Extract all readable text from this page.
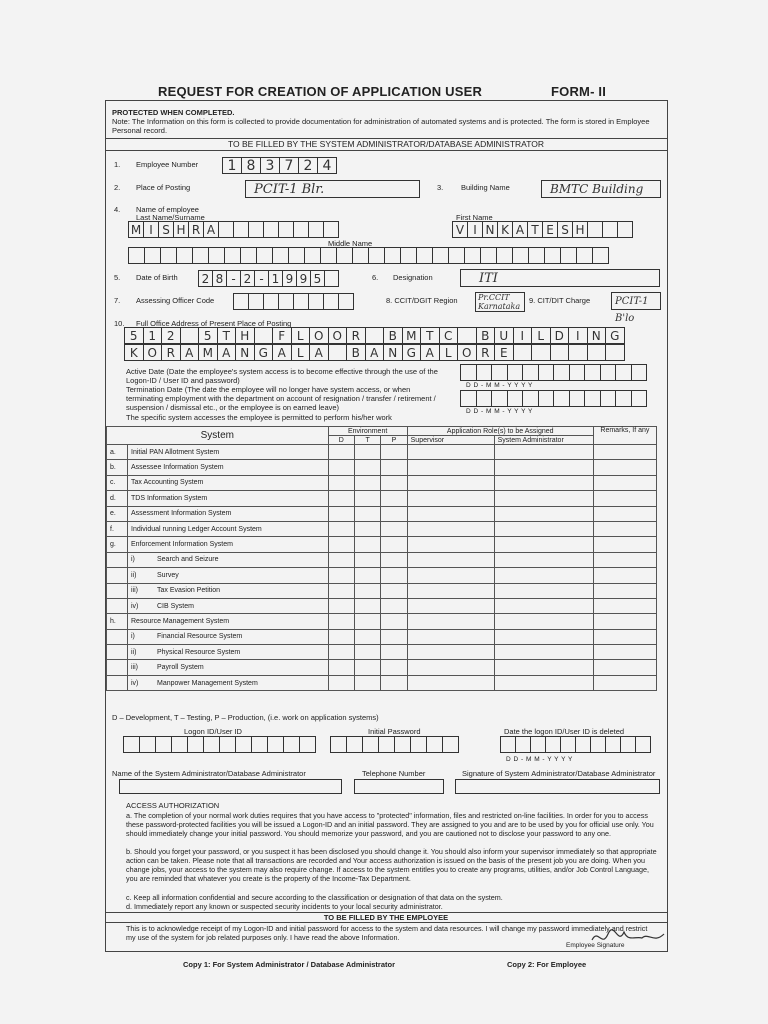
REQUEST FOR CREATION OF APPLICATION USER	FORM- II
PROTECTED WHEN COMPLETED.
Note: The Information on this form is collected to provide documentation for administration of automated systems and is protected. The form is stored in Employee Personal record.
TO BE FILLED BY THE SYSTEM ADMINISTRATOR/DATABASE ADMINISTRATOR
1. Employee Number	1 8 3 7 2 4
2. Place of Posting	PCIT-1 Blr.	3. Building Name	BMTC Building
4. Name of employee
Last Name/Surname	First Name
M I S H R A	V I N K A T E S H
Middle Name
5. Date of Birth	2 8 - 2 - 1 9 9 5	6. Designation	ITI
7. Assessing Officer Code	8. CCIT/DGIT Region	Pr.CCIT Karnataka
9. CIT/DIT Charge	PCIT-1 B'lo
10. Full Office Address of Present Place of Posting
5 1 2	5 T H	F L O O R	B M T C	B U	I	L D	I	N G
K O R A M A N G A L A	B A N G A L O R E
Active Date (Date the employee's system access is to become effective through the use of the Logon-ID / User ID and password)
Termination Date (The date the employee will no longer have system access, or when terminating employment with the department on account of resignation / transfer / retirement / suspension / dismissal etc., or the employee is on earned leave)
The specific system accesses the employee is permitted to perform his/her work
D D - M M - Y Y Y Y
D D - M M - Y Y Y Y
System		Environment			Application Role(s) to be Assigned		Remarks, If any
		D	T	P	Supervisor	System Administrator	
a.	Initial PAN Allotment System						
b.	Assessee Information System						
c.	Tax Accounting System						
d.	TDS Information System						
e.	Assessment Information System						
f.	Individual running Ledger Account System						
g.	Enforcement Information System						
	i) Search and Seizure						
	ii) Survey						
	iii) Tax Evasion Petition						
	iv) CIB System						
h.	Resource Management System						
	i) Financial Resource System						
	ii) Physical Resource System						
	iii) Payroll System						
	iv) Manpower Management System						
D – Development, T – Testing, P – Production, (i.e. work on application systems)
Logon ID/User ID	Initial Password	Date the logon ID/User ID is deleted
D D - M M - Y Y Y Y
Name of the System Administrator/Database Administrator	Telephone Number	Signature of System Administrator/Database Administrator
ACCESS AUTHORIZATION
a. The completion of your normal work duties requires that you have access to "protected" information, files and restricted on-line facilities. In order for you to access these password-protected facilities you will be issued a Logon-ID and an initial password. They are assigned to you and are to be used by you for official use only. You should immediately change your initial password. You should memorize your password, and you are cautioned not to disclose your password to any one.
b. Should you forget your password, or you suspect it has been disclosed you should change it. You should also inform your supervisor immediately so that appropriate action can be taken. Please note that all transactions are recorded and Your access authorization is issued on the basis of the present job you are doing. When you change jobs, your access to the system may also require change. If access to the system entitles you to create any programs, utilities, and/or Job Control Language, you are reminded that whatever you create is the property of the Income-Tax Department.
c. Keep all information confidential and secure according to the classification or designation of that data on the system.
d. Immediately report any known or suspected security incidents to your local security administrator.
TO BE FILLED BY THE EMPLOYEE
This is to acknowledge receipt of my Logon-ID and initial password for access to the system and data resources. I will change my password immediately and restrict my use of the system for job related purposes only. I have read the above Information.
Employee Signature
Copy 1: For System Administrator / Database Administrator	Copy 2: For Employee
